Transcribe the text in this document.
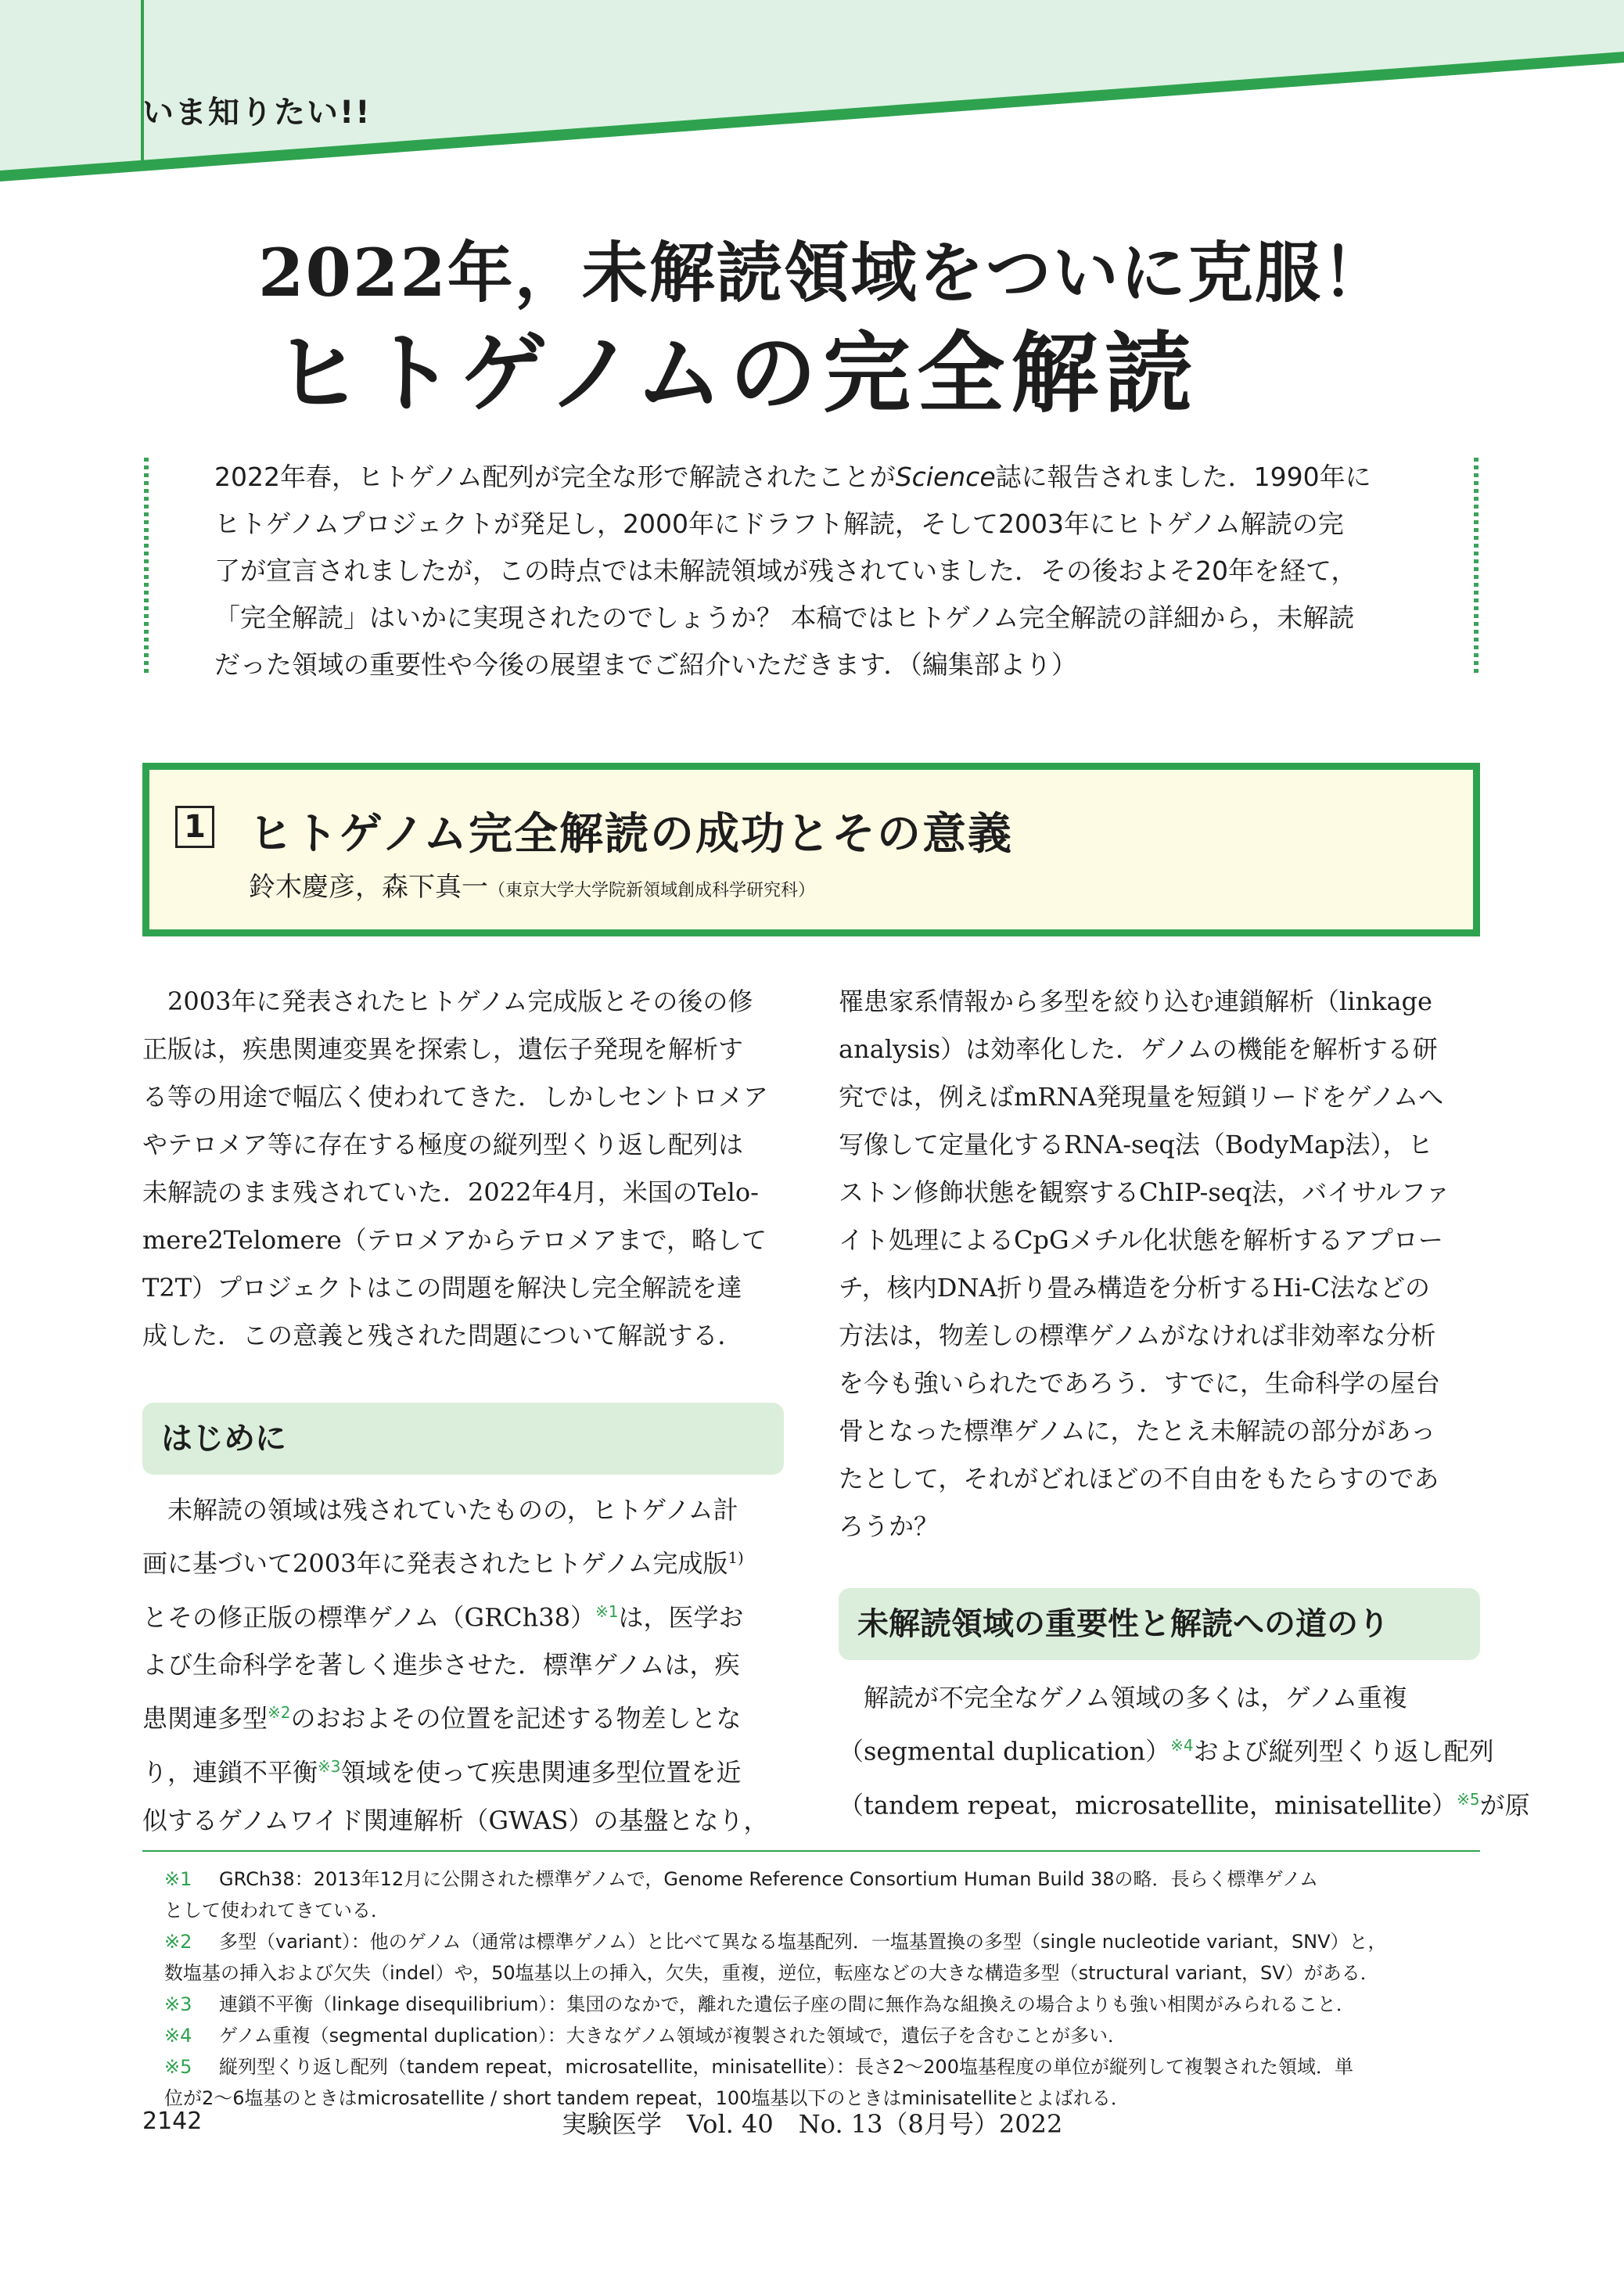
いま知りたい!!
2022年，未解読領域をついに克服！
ヒトゲノムの完全解読

2022年春，ヒトゲノム配列が完全な形で解読されたことがScience誌に報告されました．1990年に

ヒトゲノムプロジェクトが発足し，2000年にドラフト解読，そして2003年にヒトゲノム解読の完

了が宣言されましたが，この時点では未解読領域が残されていました．その後およそ20年を経て，

「完全解読」はいかに実現されたのでしょうか？ 本稿ではヒトゲノム完全解読の詳細から，未解読

だった領域の重要性や今後の展望までご紹介いただきます．（編集部より）

1 ヒトゲノム完全解読の成功とその意義
鈴木慶彦，森下真一（東京大学大学院新領域創成科学研究科）

　2003年に発表されたヒトゲノム完成版とその後の修

正版は，疾患関連変異を探索し，遺伝子発現を解析す

る等の用途で幅広く使われてきた．しかしセントロメア

やテロメア等に存在する極度の縦列型くり返し配列は

未解読のまま残されていた．2022年4月，米国のTelo-

mere2Telomere（テロメアからテロメアまで，略して

T2T）プロジェクトはこの問題を解決し完全解読を達

成した．この意義と残された問題について解説する．

はじめに

　未解読の領域は残されていたものの，ヒトゲノム計

画に基づいて2003年に発表されたヒトゲノム完成版$^{1)}$

とその修正版の標準ゲノム（GRCh38）$^{※1}$は，医学お

よび生命科学を著しく進歩させた．標準ゲノムは，疾

患関連多型$^{※2}$のおおよその位置を記述する物差しとな

り，連鎖不平衡$^{※3}$領域を使って疾患関連多型位置を近

似するゲノムワイド関連解析（GWAS）の基盤となり，

罹患家系情報から多型を絞り込む連鎖解析（linkage

analysis）は効率化した．ゲノムの機能を解析する研

究では，例えばmRNA発現量を短鎖リードをゲノムへ

写像して定量化するRNA-seq法（BodyMap法），ヒ

ストン修飾状態を観察するChIP-seq法，バイサルファ

イト処理によるCpGメチル化状態を解析するアプロー

チ，核内DNA折り畳み構造を分析するHi-C法などの

方法は，物差しの標準ゲノムがなければ非効率な分析

を今も強いられたであろう．すでに，生命科学の屋台

骨となった標準ゲノムに，たとえ未解読の部分があっ

たとして，それがどれほどの不自由をもたらすのであ

ろうか？

未解読領域の重要性と解読への道のり

　解読が不完全なゲノム領域の多くは，ゲノム重複

（segmental duplication）$^{※4}$および縦列型くり返し配列

（tandem repeat，microsatellite，minisatellite）$^{※5}$が原

※1 GRCh38：2013年12月に公開された標準ゲノムで，Genome Reference Consortium Human Build 38の略．長らく標準ゲノム

として使われてきている．

※2 多型（variant）：他のゲノム（通常は標準ゲノム）と比べて異なる塩基配列．一塩基置換の多型（single nucleotide variant，SNV）と，

数塩基の挿入および欠失（indel）や，50塩基以上の挿入，欠失，重複，逆位，転座などの大きな構造多型（structural variant，SV）がある．

※3 連鎖不平衡（linkage disequilibrium）：集団のなかで，離れた遺伝子座の間に無作為な組換えの場合よりも強い相関がみられること．

※4 ゲノム重複（segmental duplication）：大きなゲノム領域が複製された領域で，遺伝子を含むことが多い．

※5 縦列型くり返し配列（tandem repeat，microsatellite，minisatellite）：長さ2～200塩基程度の単位が縦列して複製された領域．単

位が2～6塩基のときはmicrosatellite / short tandem repeat，100塩基以下のときはminisatelliteとよばれる．

2142	実験医学　Vol. 40　No. 13（8月号）2022
